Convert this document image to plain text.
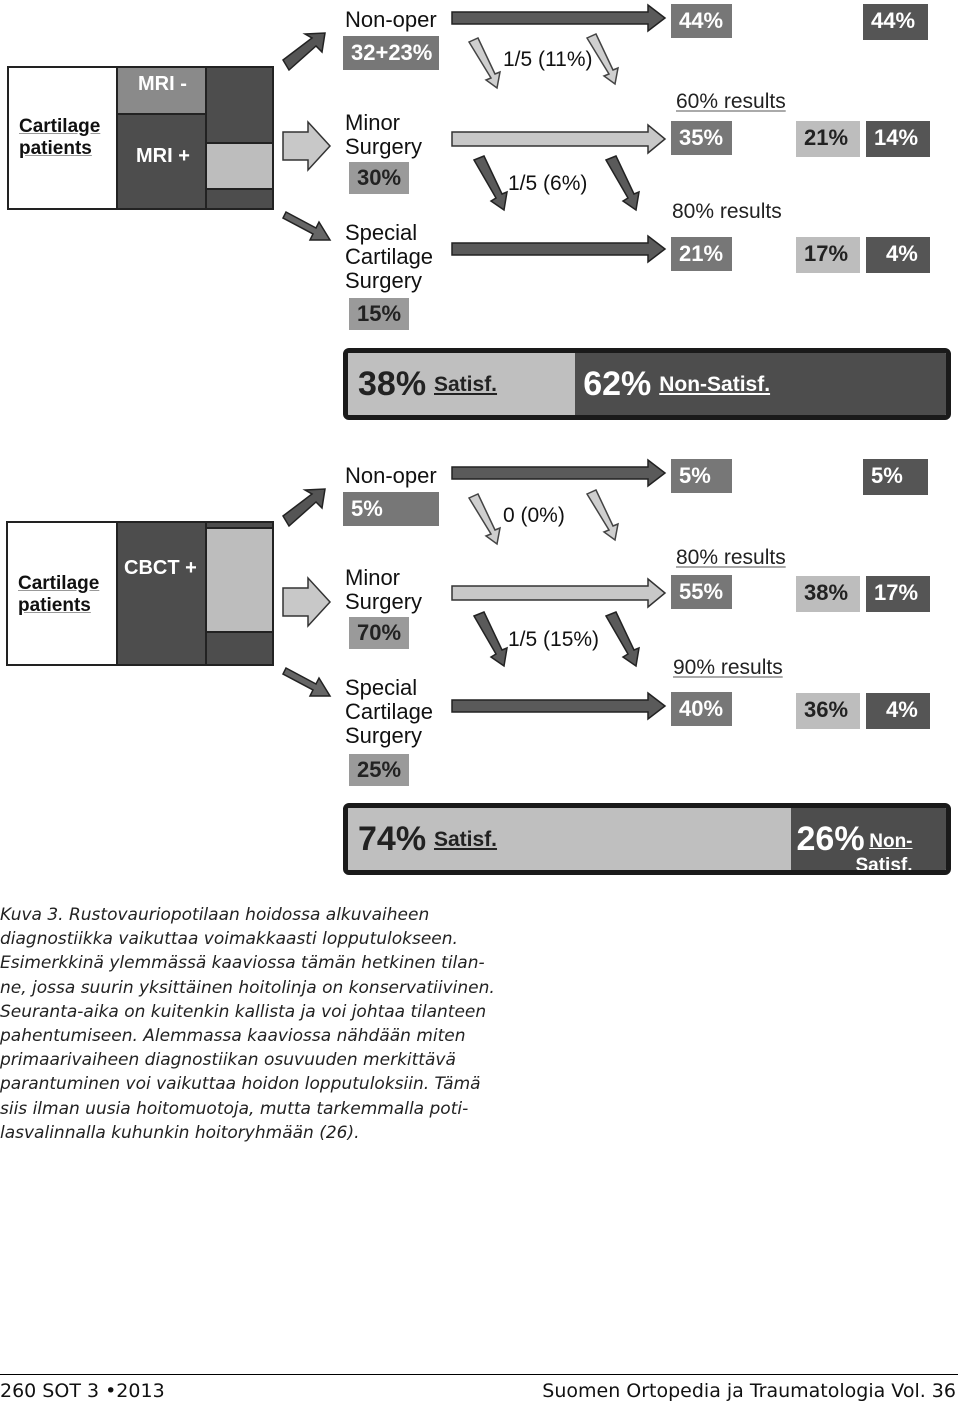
Cartilage patients
MRI -
MRI +
Non-oper
32+23%
Minor Surgery
30%
Special Cartilage Surgery
15%
1/5 (11%)
1/5 (6%)
60% results
80% results
44%
35%
21%
44%
21%	14%
17%	4%
38% Satisf.	62% Non-Satisf.
Cartilage patients
CBCT +
Non-oper
5%
Minor Surgery
70%
Special Cartilage Surgery
25%
0 (0%)
1/5 (15%)
80% results
90% results
5%
55%
40%
5%
38%	17%
36%	4%
74% Satisf.	26% Non- Satisf.
Kuva 3. Rustovauriopotilaan hoidossa alkuvaiheen
diagnostiikka vaikuttaa voimakkaasti lopputulokseen.
Esimerkkinä ylemmässä kaaviossa tämän hetkinen tilan-
ne, jossa suurin yksittäinen hoitolinja on konservatiivinen.
Seuranta-aika on kuitenkin kallista ja voi johtaa tilanteen
pahentumiseen. Alemmassa kaaviossa nähdään miten
primaarivaiheen diagnostiikan osuvuuden merkittävä
parantuminen voi vaikuttaa hoidon lopputuloksiin. Tämä
siis ilman uusia hoitomuotoja, mutta tarkemmalla poti-
lasvalinnalla kuhunkin hoitoryhmään (26).
260 SOT 3 •2013	Suomen Ortopedia ja Traumatologia Vol. 36
